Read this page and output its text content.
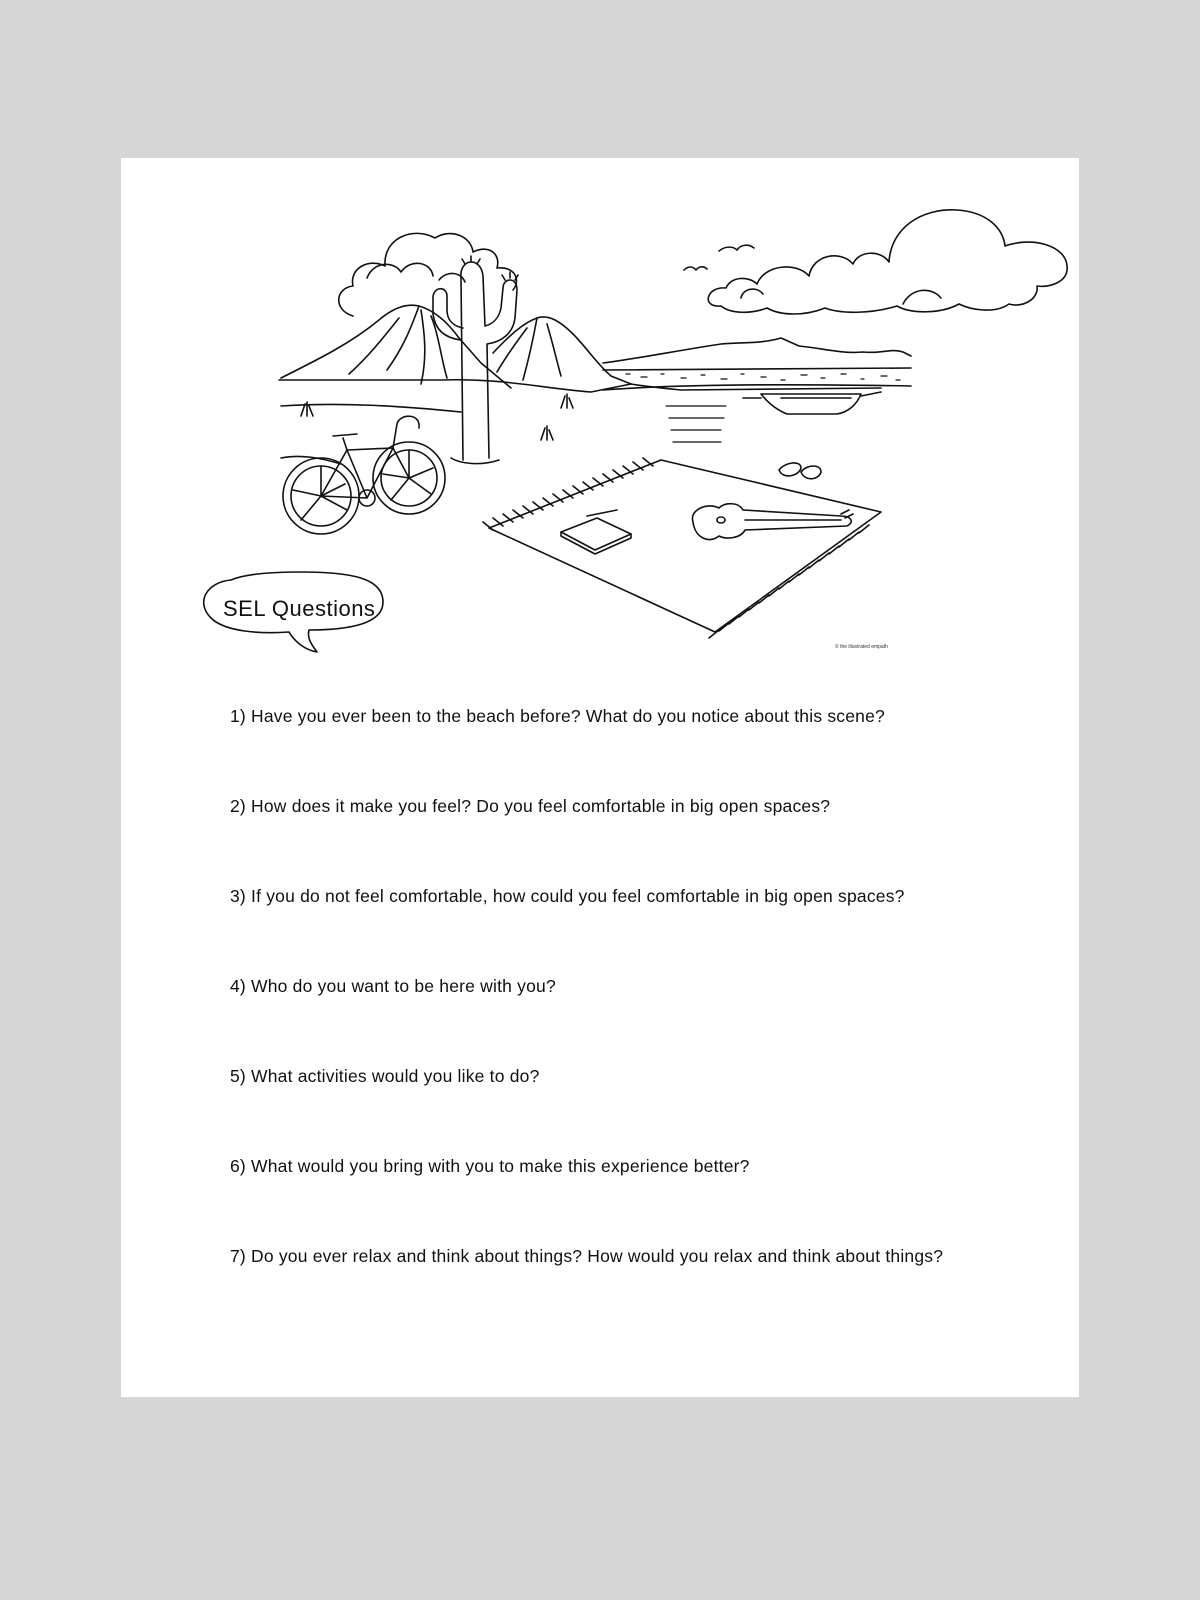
SEL Questions
© the illustrated empath
1) Have you ever been to the beach before? What do you notice about this scene?
2) How does it make you feel? Do you feel comfortable in big open spaces?
3) If you do not feel comfortable, how could you feel comfortable in big open spaces?
4) Who do you want to be here with you?
5) What activities would you like to do?
6) What would you bring with you to make this experience better?
7) Do you ever relax and think about things? How would you relax and think about things?
